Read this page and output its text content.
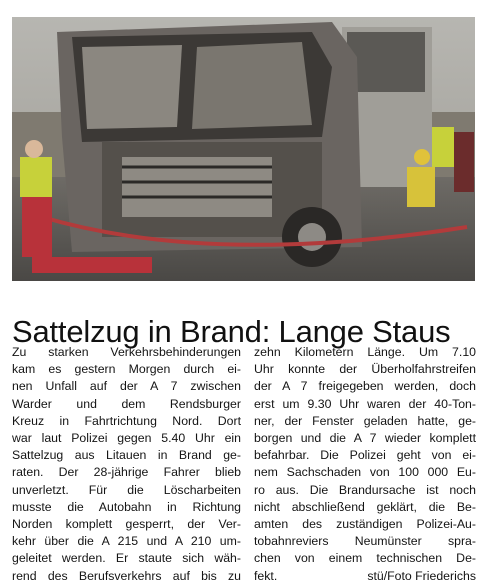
Sattelzug in Brand: Lange Staus
Zu starken Verkehrsbehinderungen
kam es gestern Morgen durch ei-
nen Unfall auf der A 7 zwischen
Warder und dem Rendsburger
Kreuz in Fahrtrichtung Nord. Dort
war laut Polizei gegen 5.40 Uhr ein
Sattelzug aus Litauen in Brand ge-
raten. Der 28-jährige Fahrer blieb
unverletzt. Für die Löscharbeiten
musste die Autobahn in Richtung
Norden komplett gesperrt, der Ver-
kehr über die A 215 und A 210 um-
geleitet werden. Er staute sich wäh-
rend des Berufsverkehrs auf bis zu
zehn Kilometern Länge. Um 7.10
Uhr konnte der Überholfahrstreifen
der A 7 freigegeben werden, doch
erst um 9.30 Uhr waren der 40-Ton-
ner, der Fenster geladen hatte, ge-
borgen und die A 7 wieder komplett
befahrbar. Die Polizei geht von ei-
nem Sachschaden von 100 000 Eu-
ro aus. Die Brandursache ist noch
nicht abschließend geklärt, die Be-
amten des zuständigen Polizei-Au-
tobahnreviers Neumünster spra-
chen von einem technischen De-
fekt.	stü/Foto Friederichs
